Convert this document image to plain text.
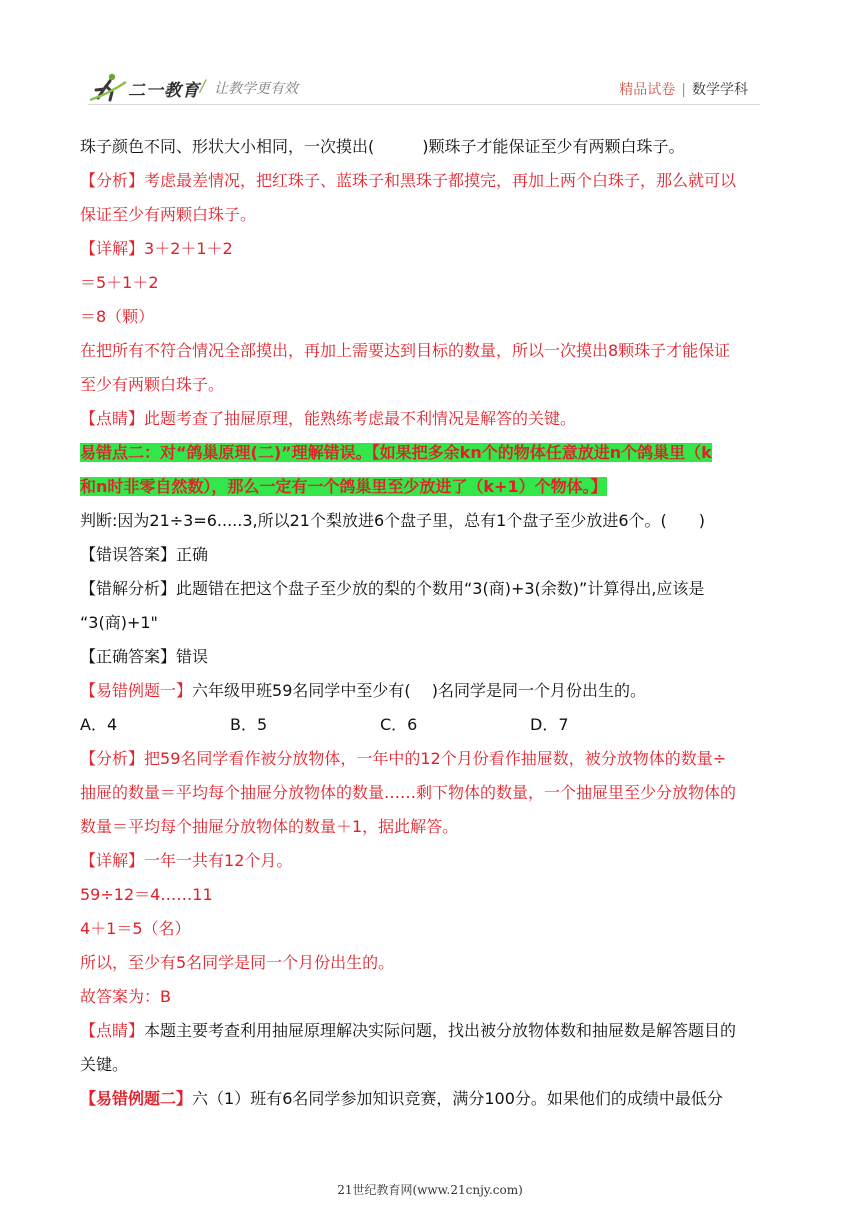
二一教育 / 让教学更有效	精品试卷 | 数学学科
珠子颜色不同、形状大小相同，一次摸出(　　　)颗珠子才能保证至少有两颗白珠子。
【分析】考虑最差情况，把红珠子、蓝珠子和黑珠子都摸完，再加上两个白珠子，那么就可以
保证至少有两颗白珠子。
【详解】3＋2＋1＋2
＝5＋1＋2
＝8（颗）
在把所有不符合情况全部摸出，再加上需要达到目标的数量，所以一次摸出8颗珠子才能保证
至少有两颗白珠子。
【点睛】此题考查了抽屉原理，能熟练考虑最不利情况是解答的关键。
易错点二：对“鸽巢原理(二)”理解错误。【如果把多余kn个的物体任意放进n个鸽巢里（k
和n时非零自然数），那么一定有一个鸽巢里至少放进了（k+1）个物体。】
判断:因为21÷3=6.....3,所以21个梨放进6个盘子里，总有1个盘子至少放进6个。(　　)
【错误答案】正确
【错解分析】此题错在把这个盘子至少放的梨的个数用“3(商)+3(余数)”计算得出,应该是
“3(商)+1"
【正确答案】错误
【易错例题一】六年级甲班59名同学中至少有(　 )名同学是同一个月份出生的。
A．4	B．5	C．6	D．7
【分析】把59名同学看作被分放物体，一年中的12个月份看作抽屉数，被分放物体的数量÷
抽屉的数量＝平均每个抽屉分放物体的数量……剩下物体的数量，一个抽屉里至少分放物体的
数量＝平均每个抽屉分放物体的数量＋1，据此解答。
【详解】一年一共有12个月。
59÷12＝4……11
4＋1＝5（名）
所以，至少有5名同学是同一个月份出生的。
故答案为：B
【点睛】本题主要考查利用抽屉原理解决实际问题，找出被分放物体数和抽屉数是解答题目的
关键。
【易错例题二】六（1）班有6名同学参加知识竞赛，满分100分。如果他们的成绩中最低分
21世纪教育网(www.21cnjy.com)
